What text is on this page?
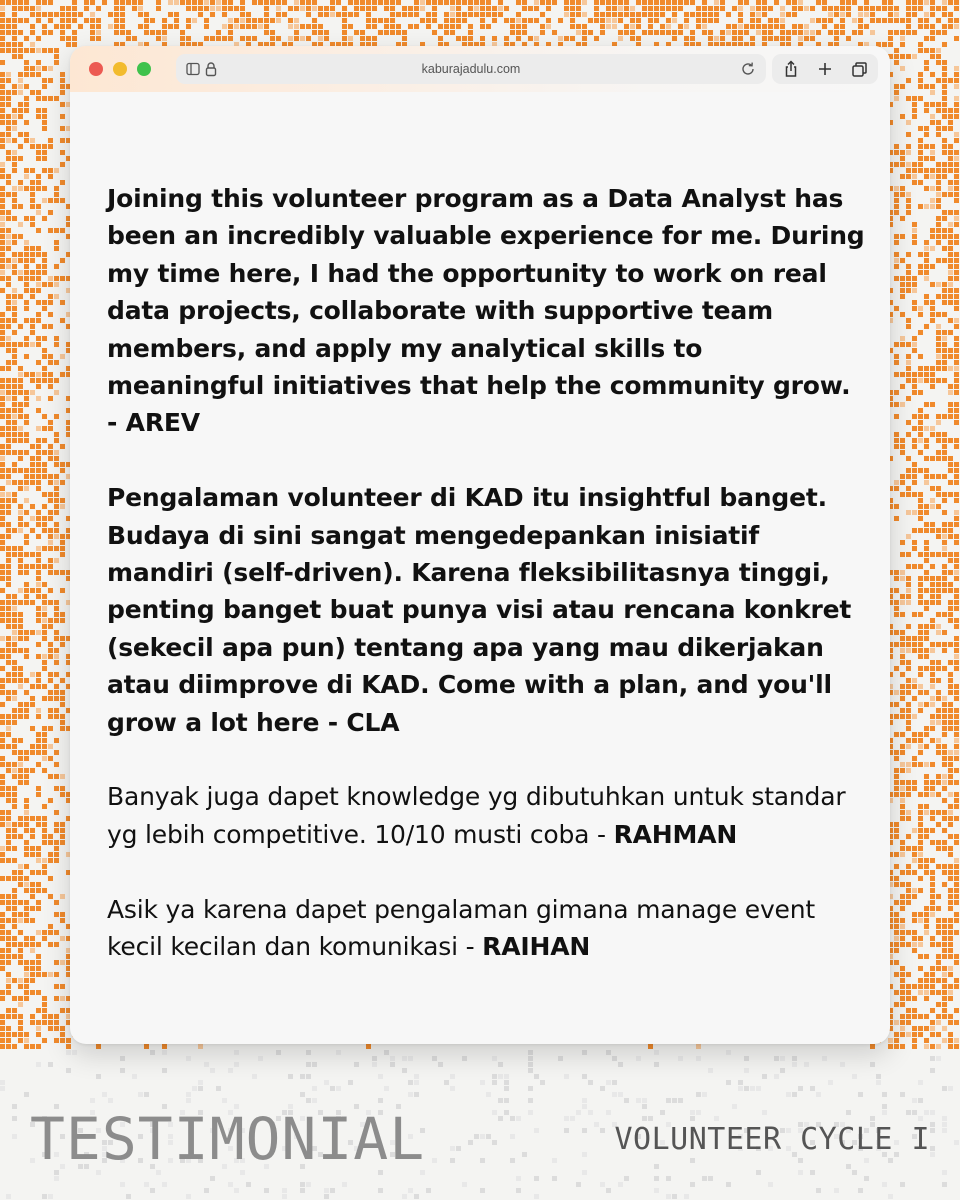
kaburajadulu.com

Joining this volunteer program as a Data Analyst has been an incredibly valuable experience for me. During my time here, I had the opportunity to work on real data projects, collaborate with supportive team members, and apply my analytical skills to meaningful initiatives that help the community grow. - AREV

Pengalaman volunteer di KAD itu insightful banget. Budaya di sini sangat mengedepankan inisiatif mandiri (self-driven). Karena fleksibilitasnya tinggi, penting banget buat punya visi atau rencana konkret (sekecil apa pun) tentang apa yang mau dikerjakan atau diimprove di KAD. Come with a plan, and you'll grow a lot here - CLA

Banyak juga dapet knowledge yg dibutuhkan untuk standar yg lebih competitive. 10/10 musti coba - RAHMAN

Asik ya karena dapet pengalaman gimana manage event kecil kecilan dan komunikasi - RAIHAN

TESTIMONIAL	VOLUNTEER CYCLE I
